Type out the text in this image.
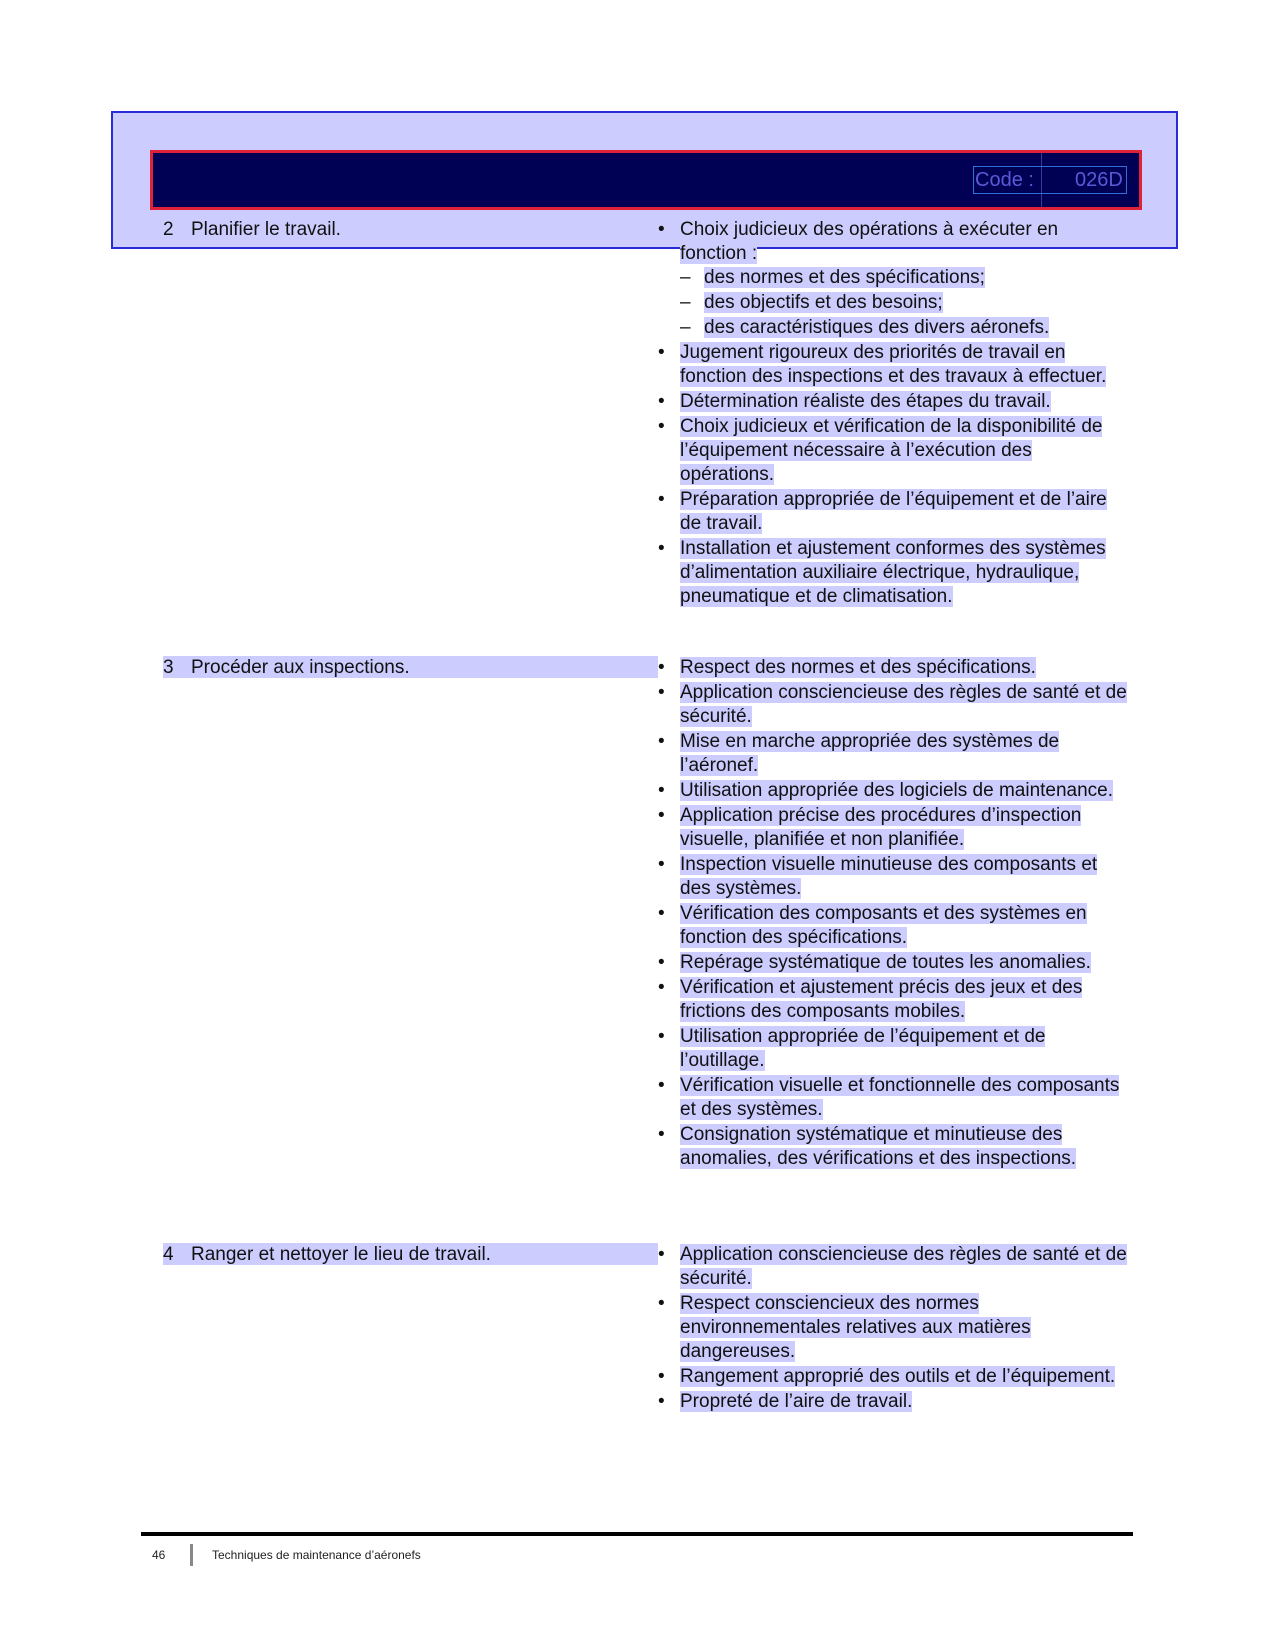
Code : 026D
2 Planifier le travail.	• Choix judicieux des opérations à exécuter en fonction :
– des normes et des spécifications;
– des objectifs et des besoins;
– des caractéristiques des divers aéronefs.
• Jugement rigoureux des priorités de travail en fonction des inspections et des travaux à effectuer.
• Détermination réaliste des étapes du travail.
• Choix judicieux et vérification de la disponibilité de l’équipement nécessaire à l’exécution des opérations.
• Préparation appropriée de l’équipement et de l’aire de travail.
• Installation et ajustement conformes des systèmes d’alimentation auxiliaire électrique, hydraulique, pneumatique et de climatisation.
3 Procéder aux inspections.	• Respect des normes et des spécifications.
• Application consciencieuse des règles de santé et de sécurité.
• Mise en marche appropriée des systèmes de l’aéronef.
• Utilisation appropriée des logiciels de maintenance.
• Application précise des procédures d’inspection visuelle, planifiée et non planifiée.
• Inspection visuelle minutieuse des composants et des systèmes.
• Vérification des composants et des systèmes en fonction des spécifications.
• Repérage systématique de toutes les anomalies.
• Vérification et ajustement précis des jeux et des frictions des composants mobiles.
• Utilisation appropriée de l’équipement et de l’outillage.
• Vérification visuelle et fonctionnelle des composants et des systèmes.
• Consignation systématique et minutieuse des anomalies, des vérifications et des inspections.
4 Ranger et nettoyer le lieu de travail.	• Application consciencieuse des règles de santé et de sécurité.
• Respect consciencieux des normes environnementales relatives aux matières dangereuses.
• Rangement approprié des outils et de l’équipement.
• Propreté de l’aire de travail.
46	Techniques de maintenance d’aéronefs
